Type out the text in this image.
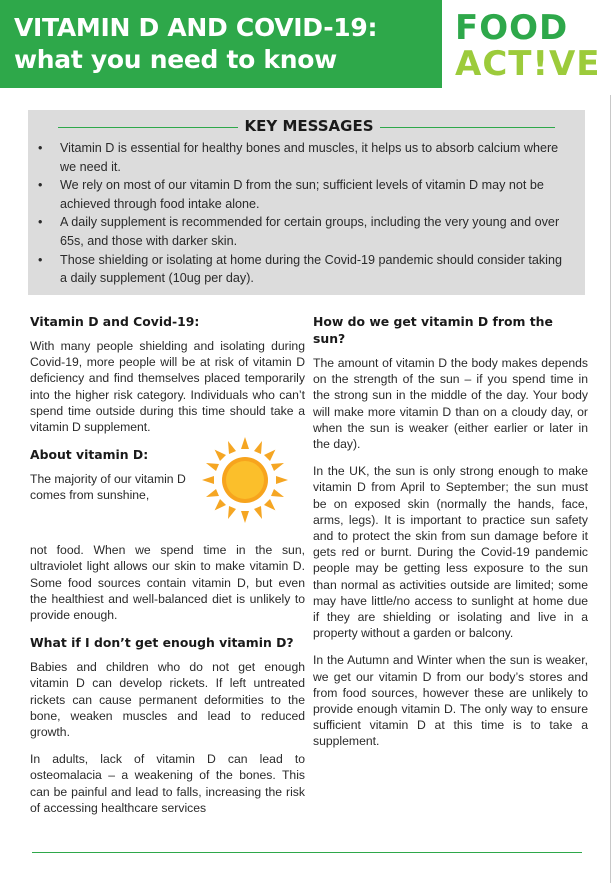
VITAMIN D AND COVID-19:
what you need to know
FOOD
ACT!VE
KEY MESSAGES
• Vitamin D is essential for healthy bones and muscles, it helps us to absorb calcium where we need it.
• We rely on most of our vitamin D from the sun; sufficient levels of vitamin D may not be achieved through food intake alone.
• A daily supplement is recommended for certain groups, including the very young and over 65s, and those with darker skin.
• Those shielding or isolating at home during the Covid-19 pandemic should consider taking a daily supplement (10ug per day).
Vitamin D and Covid-19:

With many people shielding and isolating during Covid-19, more people will be at risk of vitamin D deficiency and find themselves placed temporarily into the higher risk category. Individuals who can’t spend time outside during this time should take a vitamin D supplement.

About vitamin D:
The majority of our vitamin D comes from sunshine,

not food. When we spend time in the sun, ultraviolet light allows our skin to make vitamin D. Some food sources contain vitamin D, but even the healthiest and well-balanced diet is unlikely to provide enough.

What if I don’t get enough vitamin D?

Babies and children who do not get enough vitamin D can develop rickets. If left untreated rickets can cause permanent deformities to the bone, weaken muscles and lead to reduced growth.

In adults, lack of vitamin D can lead to osteomalacia – a weakening of the bones. This can be painful and lead to falls, increasing the risk of accessing healthcare services

How do we get vitamin D from the sun?

The amount of vitamin D the body makes depends on the strength of the sun – if you spend time in the strong sun in the middle of the day. Your body will make more vitamin D than on a cloudy day, or when the sun is weaker (either earlier or later in the day).

In the UK, the sun is only strong enough to make vitamin D from April to September; the sun must be on exposed skin (normally the hands, face, arms, legs). It is important to practice sun safety and to protect the skin from sun damage before it gets red or burnt. During the Covid-19 pandemic people may be getting less exposure to the sun than normal as activities outside are limited; some may have little/no access to sunlight at home due if they are shielding or isolating and live in a property without a garden or balcony.

In the Autumn and Winter when the sun is weaker, we get our vitamin D from our body’s stores and from food sources, however these are unlikely to provide enough vitamin D. The only way to ensure sufficient vitamin D at this time is to take a supplement.
